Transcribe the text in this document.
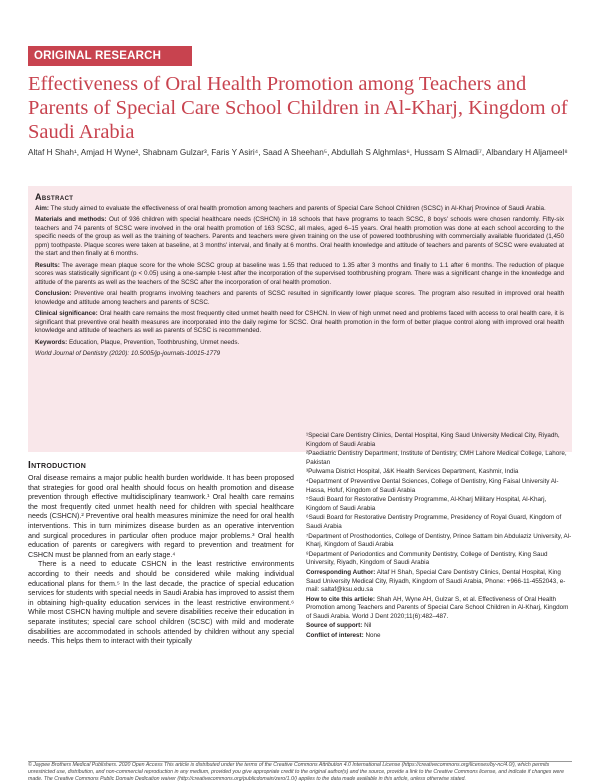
ORIGINAL RESEARCH
Effectiveness of Oral Health Promotion among Teachers and Parents of Special Care School Children in Al-Kharj, Kingdom of Saudi Arabia
Altaf H Shah¹, Amjad H Wyne², Shabnam Gulzar³, Faris Y Asiri⁴, Saad A Sheehan⁵, Abdullah S Alghmlas⁶, Hussam S Almadi⁷, Albandary H Aljameel⁸
Abstract

Aim: The study aimed to evaluate the effectiveness of oral health promotion among teachers and parents of Special Care School Children (SCSC) in Al-Kharj Province of Saudi Arabia.

Materials and methods: Out of 936 children with special healthcare needs (CSHCN) in 18 schools that have programs to teach SCSC, 8 boys' schools were chosen randomly. Fifty-six teachers and 74 parents of SCSC were involved in the oral health promotion of 163 SCSC, all males, aged 6–15 years. Oral health promotion was done at each school according to the specific needs of the group as well as the training of teachers. Parents and teachers were given training on the use of powered toothbrushing with commercially available fluoridated (1,450 ppm) toothpaste. Plaque scores were taken at baseline, at 3 months' interval, and finally at 6 months. Oral health knowledge and attitude of teachers and parents of SCSC were evaluated at the start and then finally at 6 months.

Results: The average mean plaque score for the whole SCSC group at baseline was 1.55 that reduced to 1.35 after 3 months and finally to 1.1 after 6 months. The reduction of plaque scores was statistically significant (p < 0.05) using a one-sample t-test after the incorporation of the supervised toothbrushing program. There was a significant change in the knowledge and attitude of the parents as well as the teachers of the SCSC after the incorporation of oral health promotion.

Conclusion: Preventive oral health programs involving teachers and parents of SCSC resulted in significantly lower plaque scores. The program also resulted in improved oral health knowledge and attitude among teachers and parents of SCSC.

Clinical significance: Oral health care remains the most frequently cited unmet health need for CSHCN. In view of high unmet need and problems faced with access to oral health care, it is significant that preventive oral health measures are incorporated into the daily regime for SCSC. Oral health promotion in the form of better plaque control along with improved oral health knowledge and attitude of teachers as well as parents of SCSC is recommended.

Keywords: Education, Plaque, Prevention, Toothbrushing, Unmet needs.

World Journal of Dentistry (2020): 10.5005/jp-journals-10015-1779

Introduction

Oral disease remains a major public health burden worldwide. It has been proposed that strategies for good oral health should focus on health promotion and disease prevention through effective multidisciplinary teamwork.¹ Oral health care remains the most frequently cited unmet health need for children with special healthcare needs (CSHCN).² Preventive oral health measures minimize the need for oral health interventions. This in turn minimizes disease burden as an operative intervention and surgical procedures in particular often produce major problems.³ Oral health education of parents or caregivers with regard to prevention and treatment for CSHCN must be planned from an early stage.⁴

There is a need to educate CSHCN in the least restrictive environments according to their needs and should be considered while making individual educational plans for them.⁵ In the last decade, the practice of special education services for students with special needs in Saudi Arabia has improved to assist them in obtaining high-quality education services in the least restrictive environment.⁶ While most CSHCN having multiple and severe disabilities receive their education in separate institutes; special care school children (SCSC) with mild and moderate disabilities are accommodated in schools attended by children without any special needs. This helps them to interact with their typically

¹Special Care Dentistry Clinics, Dental Hospital, King Saud University Medical City, Riyadh, Kingdom of Saudi Arabia

²Paediatric Dentistry Department, Institute of Dentistry, CMH Lahore Medical College, Lahore, Pakistan

³Pulwama District Hospital, J&K Health Services Department, Kashmir, India

⁴Department of Preventive Dental Sciences, College of Dentistry, King Faisal University Al-Hassa, Hofuf, Kingdom of Saudi Arabia

⁵Saudi Board for Restorative Dentistry Programme, Al-Kharj Military Hospital, Al-Kharj, Kingdom of Saudi Arabia

⁶Saudi Board for Restorative Dentistry Programme, Presidency of Royal Guard, Kingdom of Saudi Arabia

⁷Department of Prosthodontics, College of Dentistry, Prince Sattam bin Abdulaziz University, Al-Kharj, Kingdom of Saudi Arabia

⁸Department of Periodontics and Community Dentistry, College of Dentistry, King Saud University, Riyadh, Kingdom of Saudi Arabia

Corresponding Author: Altaf H Shah, Special Care Dentistry Clinics, Dental Hospital, King Saud University Medical City, Riyadh, Kingdom of Saudi Arabia, Phone: +966-11-4552043, e-mail: saltaf@ksu.edu.sa

How to cite this article: Shah AH, Wyne AH, Gulzar S, et al. Effectiveness of Oral Health Promotion among Teachers and Parents of Special Care School Children in Al-Kharj, Kingdom of Saudi Arabia. World J Dent 2020;11(6):482–487.

Source of support: Nil

Conflict of interest: None

© Jaypee Brothers Medical Publishers. 2020 Open Access This article is distributed under the terms of the Creative Commons Attribution 4.0 International License (https://creativecommons.org/licenses/by-nc/4.0/), which permits unrestricted use, distribution, and non-commercial reproduction in any medium, provided you give appropriate credit to the original author(s) and the source, provide a link to the Creative Commons license, and indicate if changes were made. The Creative Commons Public Domain Dedication waiver (http://creativecommons.org/publicdomain/zero/1.0/) applies to the data made available in this article, unless otherwise stated.
